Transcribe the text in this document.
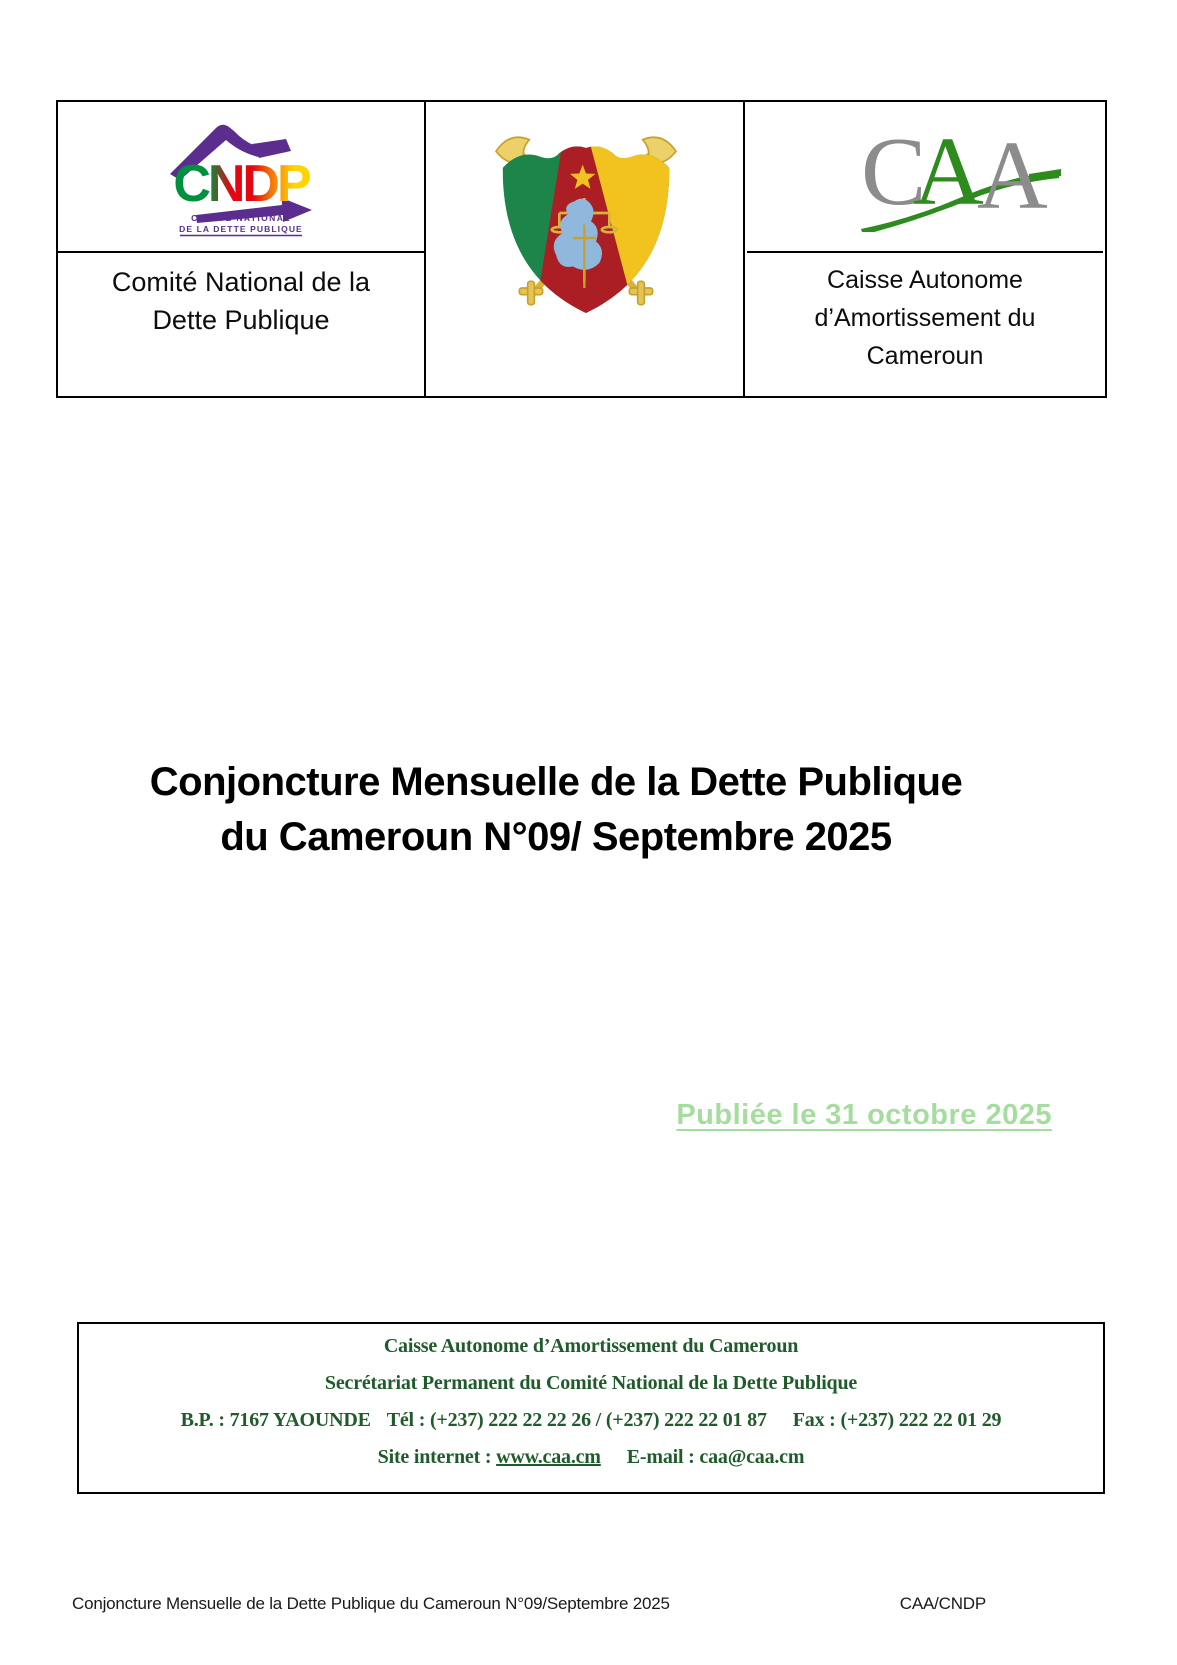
CNDP
COMITÉ NATIONAL
DE LA DETTE PUBLIQUE
Comité National de la Dette Publique
C
A
A
Caisse Autonome d’Amortissement du Cameroun
Conjoncture Mensuelle de la Dette Publique
du Cameroun N°09/ Septembre 2025
Publiée le 31 octobre 2025
Caisse Autonome d’Amortissement du Cameroun
Secrétariat Permanent du Comité National de la Dette Publique
B.P. : 7167 YAOUNDE Tél : (+237) 222 22 22 26 / (+237) 222 22 01 87 Fax : (+237) 222 22 01 29
Site internet : www.caa.cm E-mail : caa@caa.cm
Conjoncture Mensuelle de la Dette Publique du Cameroun N°09/Septembre 2025	CAA/CNDP
